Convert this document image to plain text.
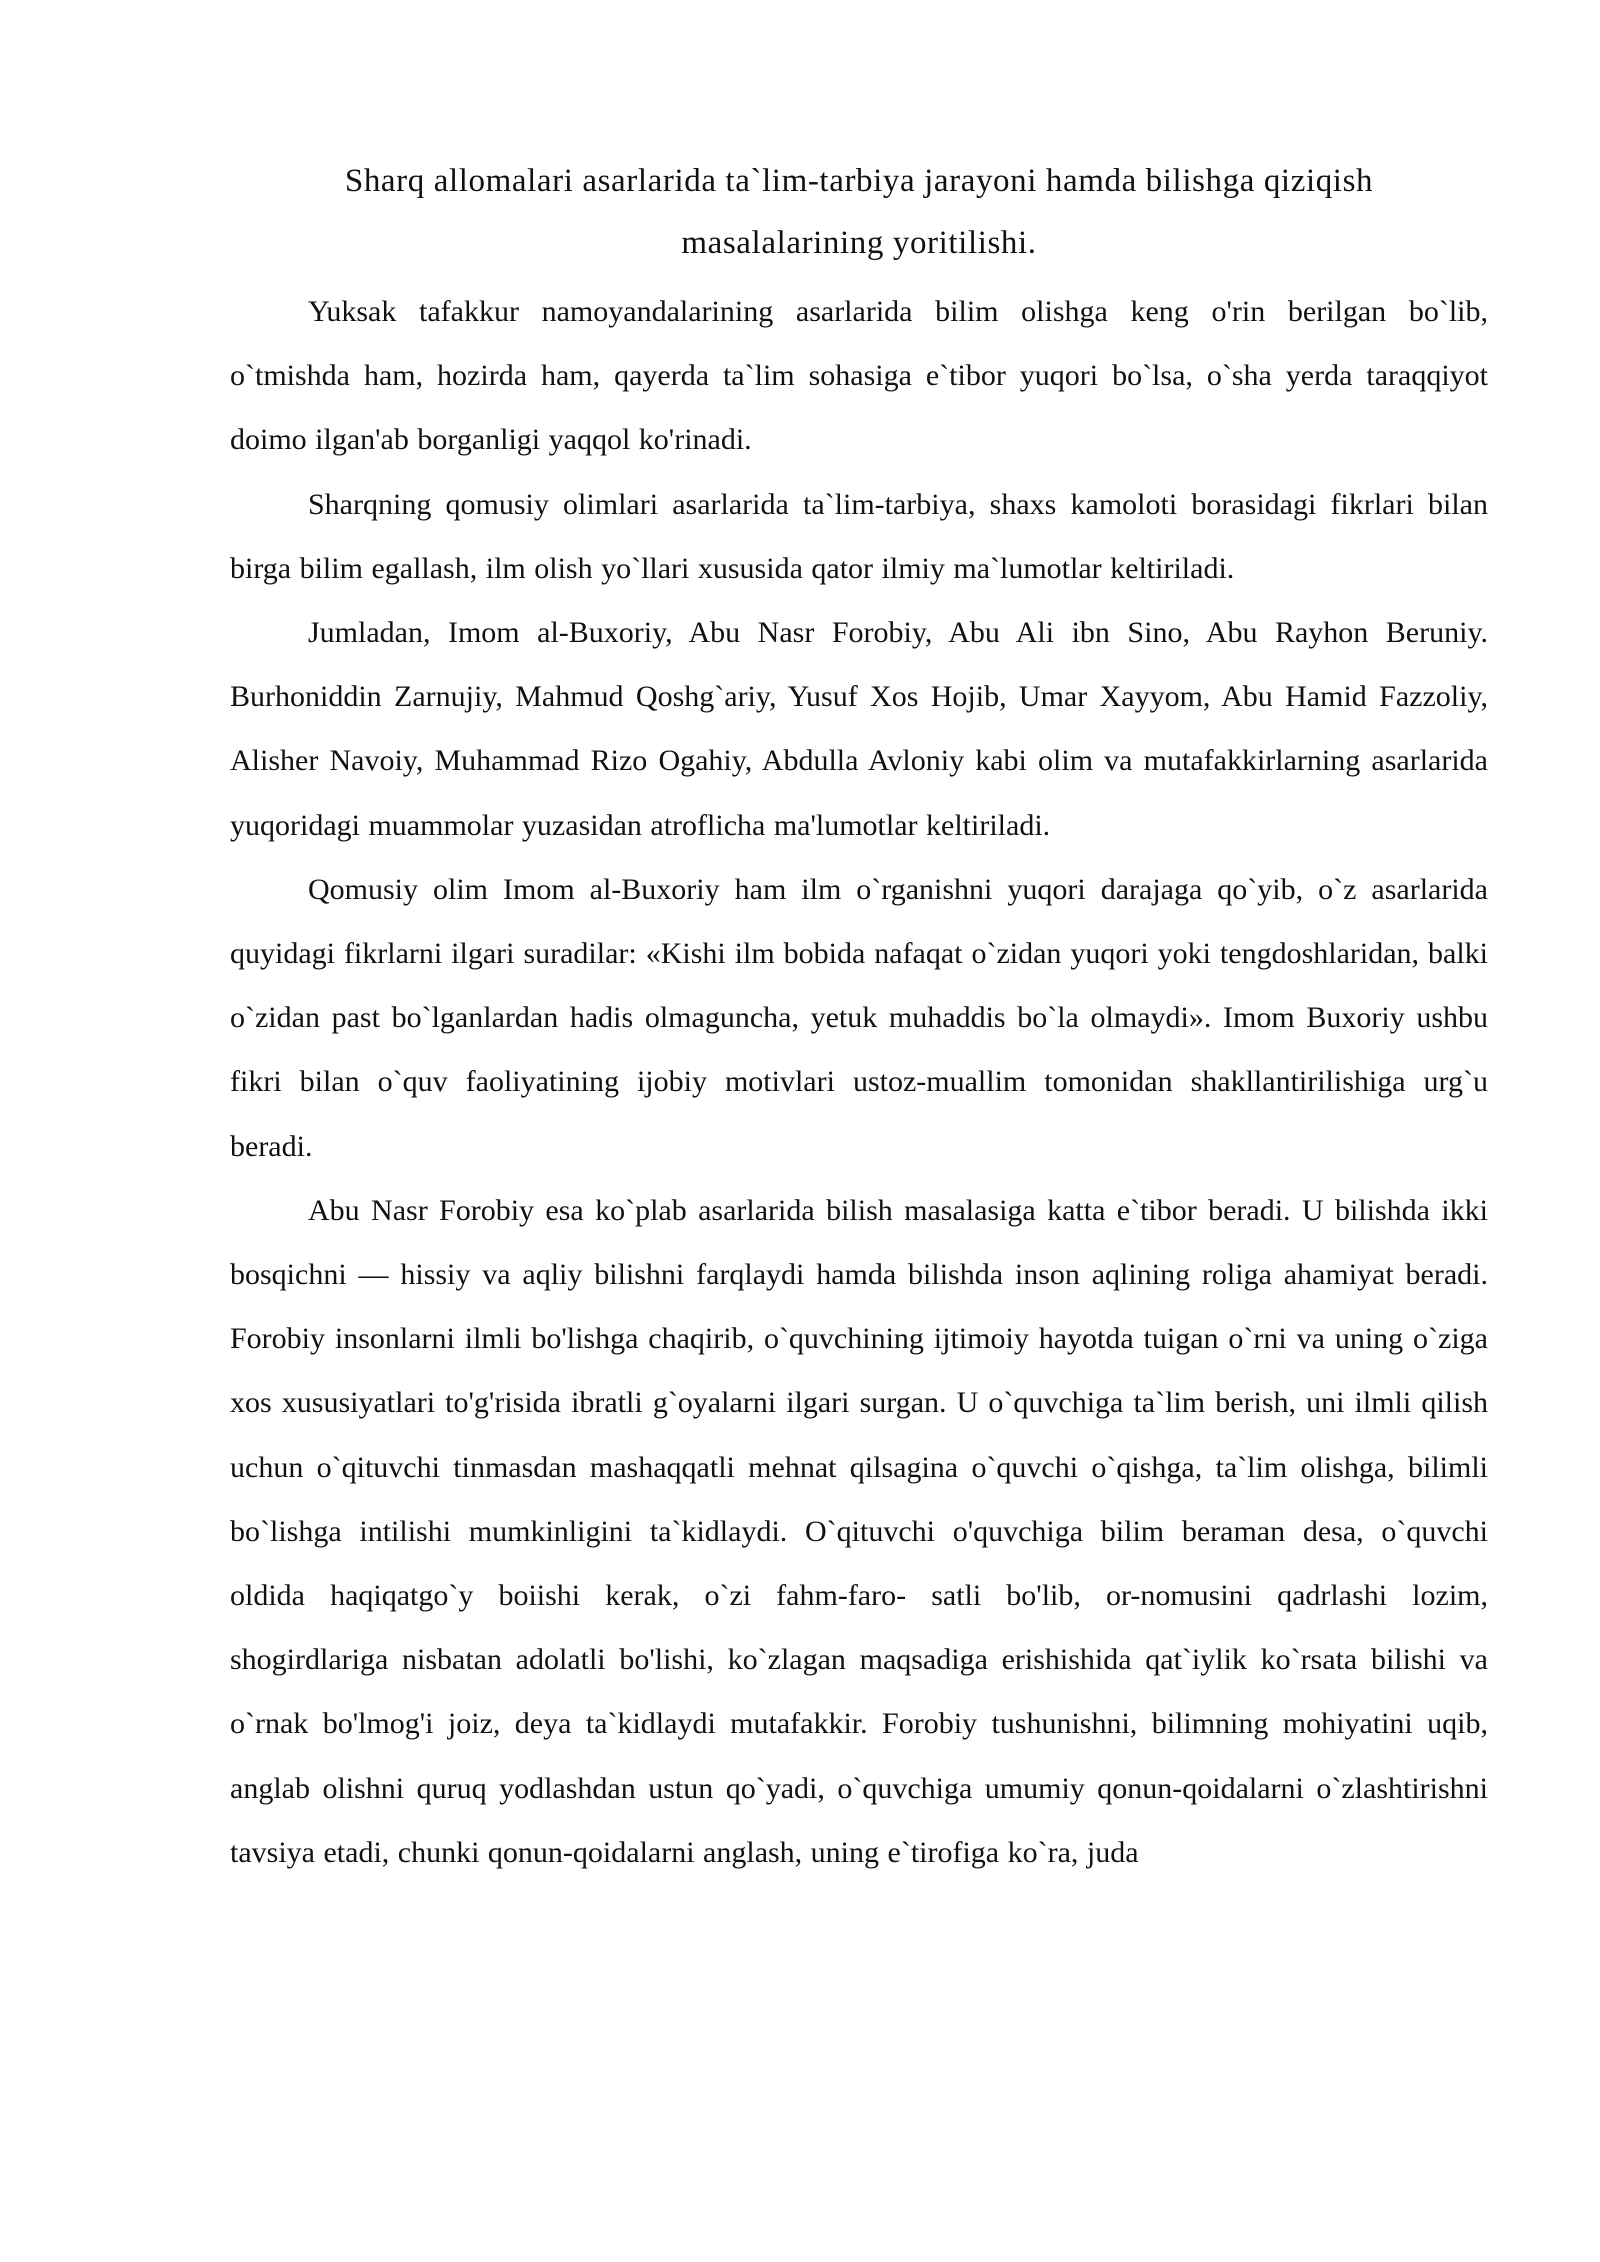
Sharq allomalari asarlarida ta`lim-tarbiya jarayoni hamda bilishga qiziqish
masalalarining yoritilishi.

Yuksak tafakkur namoyandalarining asarlarida bilim olishga keng o'rin berilgan bo`lib, o`tmishda ham, hozirda ham, qayerda ta`lim sohasiga e`tibor yuqori bo`lsa, o`sha yerda taraqqiyot doimo ilgan'ab borganligi yaqqol ko'rinadi.

Sharqning qomusiy olimlari asarlarida ta`lim-tarbiya, shaxs kamoloti borasidagi fikrlari bilan birga bilim egallash, ilm olish yo`llari xususida qator ilmiy ma`lumotlar keltiriladi.

Jumladan, Imom al-Buxoriy, Abu Nasr Forobiy, Abu Ali ibn Sino, Abu Rayhon Beruniy. Burhoniddin Zarnujiy, Mahmud Qoshg`ariy, Yusuf Xos Hojib, Umar Xayyom, Abu Hamid Fazzoliy, Alisher Navoiy, Muhammad Rizo Ogahiy, Abdulla Avloniy kabi olim va mutafakkirlarning asarlarida yuqoridagi muammolar yuzasidan atroflicha ma'lumotlar keltiriladi.

Qomusiy olim Imom al-Buxoriy ham ilm o`rganishni yuqori darajaga qo`yib, o`z asarlarida quyidagi fikrlarni ilgari suradilar: «Kishi ilm bobida nafaqat o`zidan yuqori yoki tengdoshlaridan, balki o`zidan past bo`lganlardan hadis olmaguncha, yetuk muhaddis bo`la olmaydi». Imom Buxoriy ushbu fikri bilan o`quv faoliyatining ijobiy motivlari ustoz-muallim tomonidan shakllantirilishiga urg`u beradi.

Abu Nasr Forobiy esa ko`plab asarlarida bilish masalasiga katta e`tibor beradi. U bilishda ikki bosqichni — hissiy va aqliy bilishni farqlaydi hamda bilishda inson aqlining roliga ahamiyat beradi. Forobiy insonlarni ilmli bo'lishga chaqirib, o`quvchining ijtimoiy hayotda tuigan o`rni va uning o`ziga xos xususiyatlari to'g'risida ibratli g`oyalarni ilgari surgan. U o`quvchiga ta`lim berish, uni ilmli qilish uchun o`qituvchi tinmasdan mashaqqatli mehnat qilsagina o`quvchi o`qishga, ta`lim olishga, bilimli bo`lishga intilishi mumkinligini ta`kidlaydi. O`qituvchi o'quvchiga bilim beraman desa, o`quvchi oldida haqiqatgo`y boiishi kerak, o`zi fahm-faro- satli bo'lib, or-nomusini qadrlashi lozim, shogirdlariga nisbatan adolatli bo'lishi, ko`zlagan maqsadiga erishishida qat`iylik ko`rsata bilishi va o`rnak bo'lmog'i joiz, deya ta`kidlaydi mutafakkir. Forobiy tushunishni, bilimning mohiyatini uqib, anglab olishni quruq yodlashdan ustun qo`yadi, o`quvchiga umumiy qonun-qoidalarni o`zlashtirishni tavsiya etadi, chunki qonun-qoidalarni anglash, uning e`tirofiga ko`ra, juda
